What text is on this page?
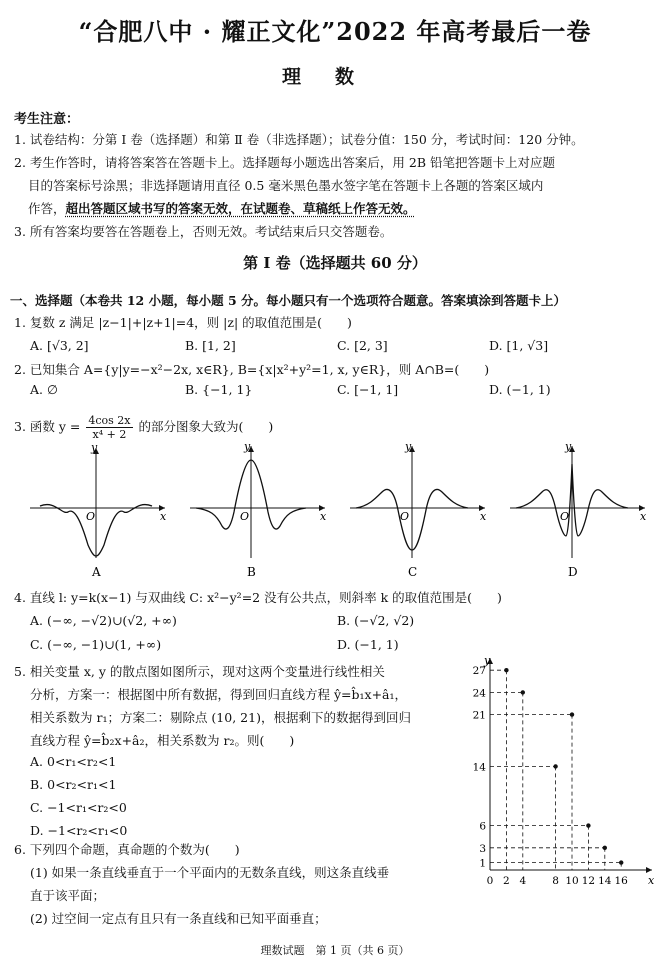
“合肥八中 · 耀正文化”2022 年高考最后一卷
理数
考生注意：
1. 试卷结构：分第 Ⅰ 卷（选择题）和第 Ⅱ 卷（非选择题）；试卷分值：150 分，考试时间：120 分钟。
2. 考生作答时，请将答案答在答题卡上。选择题每小题选出答案后，用 2B 铅笔把答题卡上对应题
目的答案标号涂黑；非选择题请用直径 0.5 毫米黑色墨水签字笔在答题卡上各题的答案区域内
作答，超出答题区域书写的答案无效，在试题卷、草稿纸上作答无效。
3. 所有答案均要答在答题卷上，否则无效。考试结束后只交答题卷。
第 Ⅰ 卷（选择题共 60 分）
一、选择题（本卷共 12 小题，每小题 5 分。每小题只有一个选项符合题意。答案填涂到答题卡上）
1. 复数 z 满足 |z−1|+|z+1|=4，则 |z| 的取值范围是(　　)
A. [√3, 2]	B. [1, 2]	C. [2, 3]	D. [1, √3]
2. 已知集合 A={y|y=−x²−2x, x∈R}, B={x|x²+y²=1, x, y∈R}，则 A∩B=(　　)
A. ∅	B. {−1, 1}	C. [−1, 1]	D. (−1, 1)
3. 函数 $y = \frac{4\cos 2x}{\text{x⁴ + 2}}$ 的部分图象大致为(　　)
y
O	x
A
y
O	x
B
y
O	x
C
y
O	x
D
4. 直线 l: y=k(x−1) 与双曲线 C: x²−y²=2 没有公共点，则斜率 k 的取值范围是(　　)
A. (−∞, −√2)∪(√2, +∞)	B. (−√2, √2)
C. (−∞, −1)∪(1, +∞)	D. (−1, 1)
5. 相关变量 x, y 的散点图如图所示，现对这两个变量进行线性相关
分析，方案一：根据图中所有数据，得到回归直线方程 ŷ=b̂₁x+â₁，
相关系数为 r₁；方案二：剔除点 (10, 21)，根据剩下的数据得到回归
直线方程 ŷ=b̂₂x+â₂，相关系数为 r₂。则(　　)
A. 0<r₁<r₂<1
B. 0<r₂<r₁<1
C. −1<r₁<r₂<0
D. −1<r₂<r₁<0
y
x
1
3
6
14
21
24
27
0 2 4 8 10 12 14 16
6. 下列四个命题，真命题的个数为(　　)
(1) 如果一条直线垂直于一个平面内的无数条直线，则这条直线垂
直于该平面；
(2) 过空间一定点有且只有一条直线和已知平面垂直；
理数试题　第 1 页（共 6 页）
